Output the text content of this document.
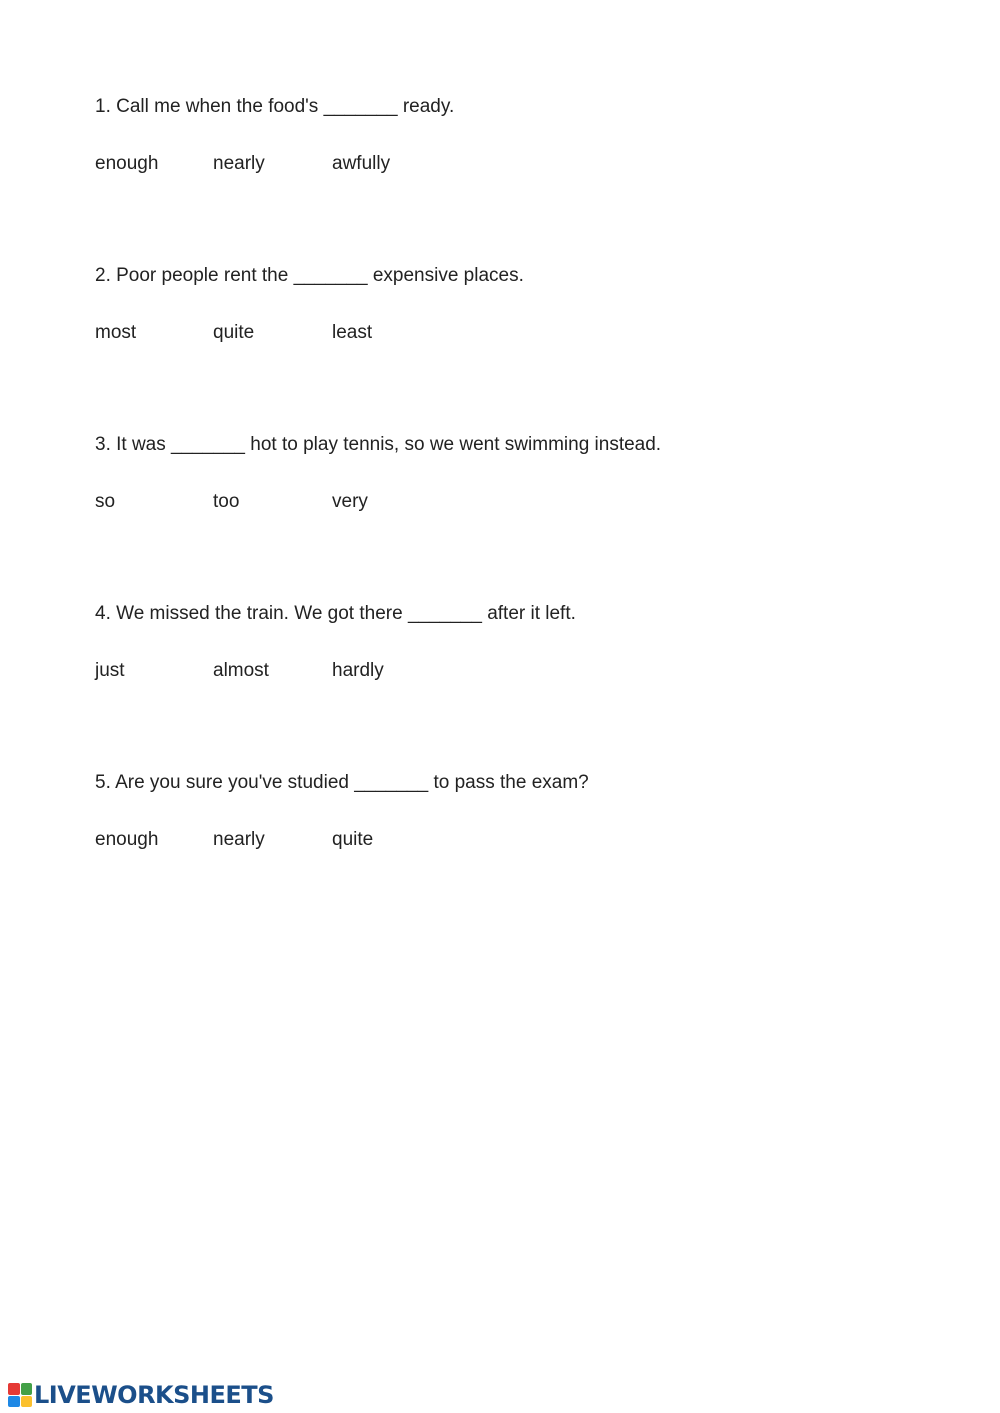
1. Call me when the food's _______ ready.
enough	nearly	awfully
2. Poor people rent the _______ expensive places.
most	quite	least
3. It was _______ hot to play tennis, so we went swimming instead.
so	too	very
4. We missed the train. We got there _______ after it left.
just	almost	hardly
5. Are you sure you've studied _______ to pass the exam?
enough	nearly	quite
LIVEWORKSHEETS
